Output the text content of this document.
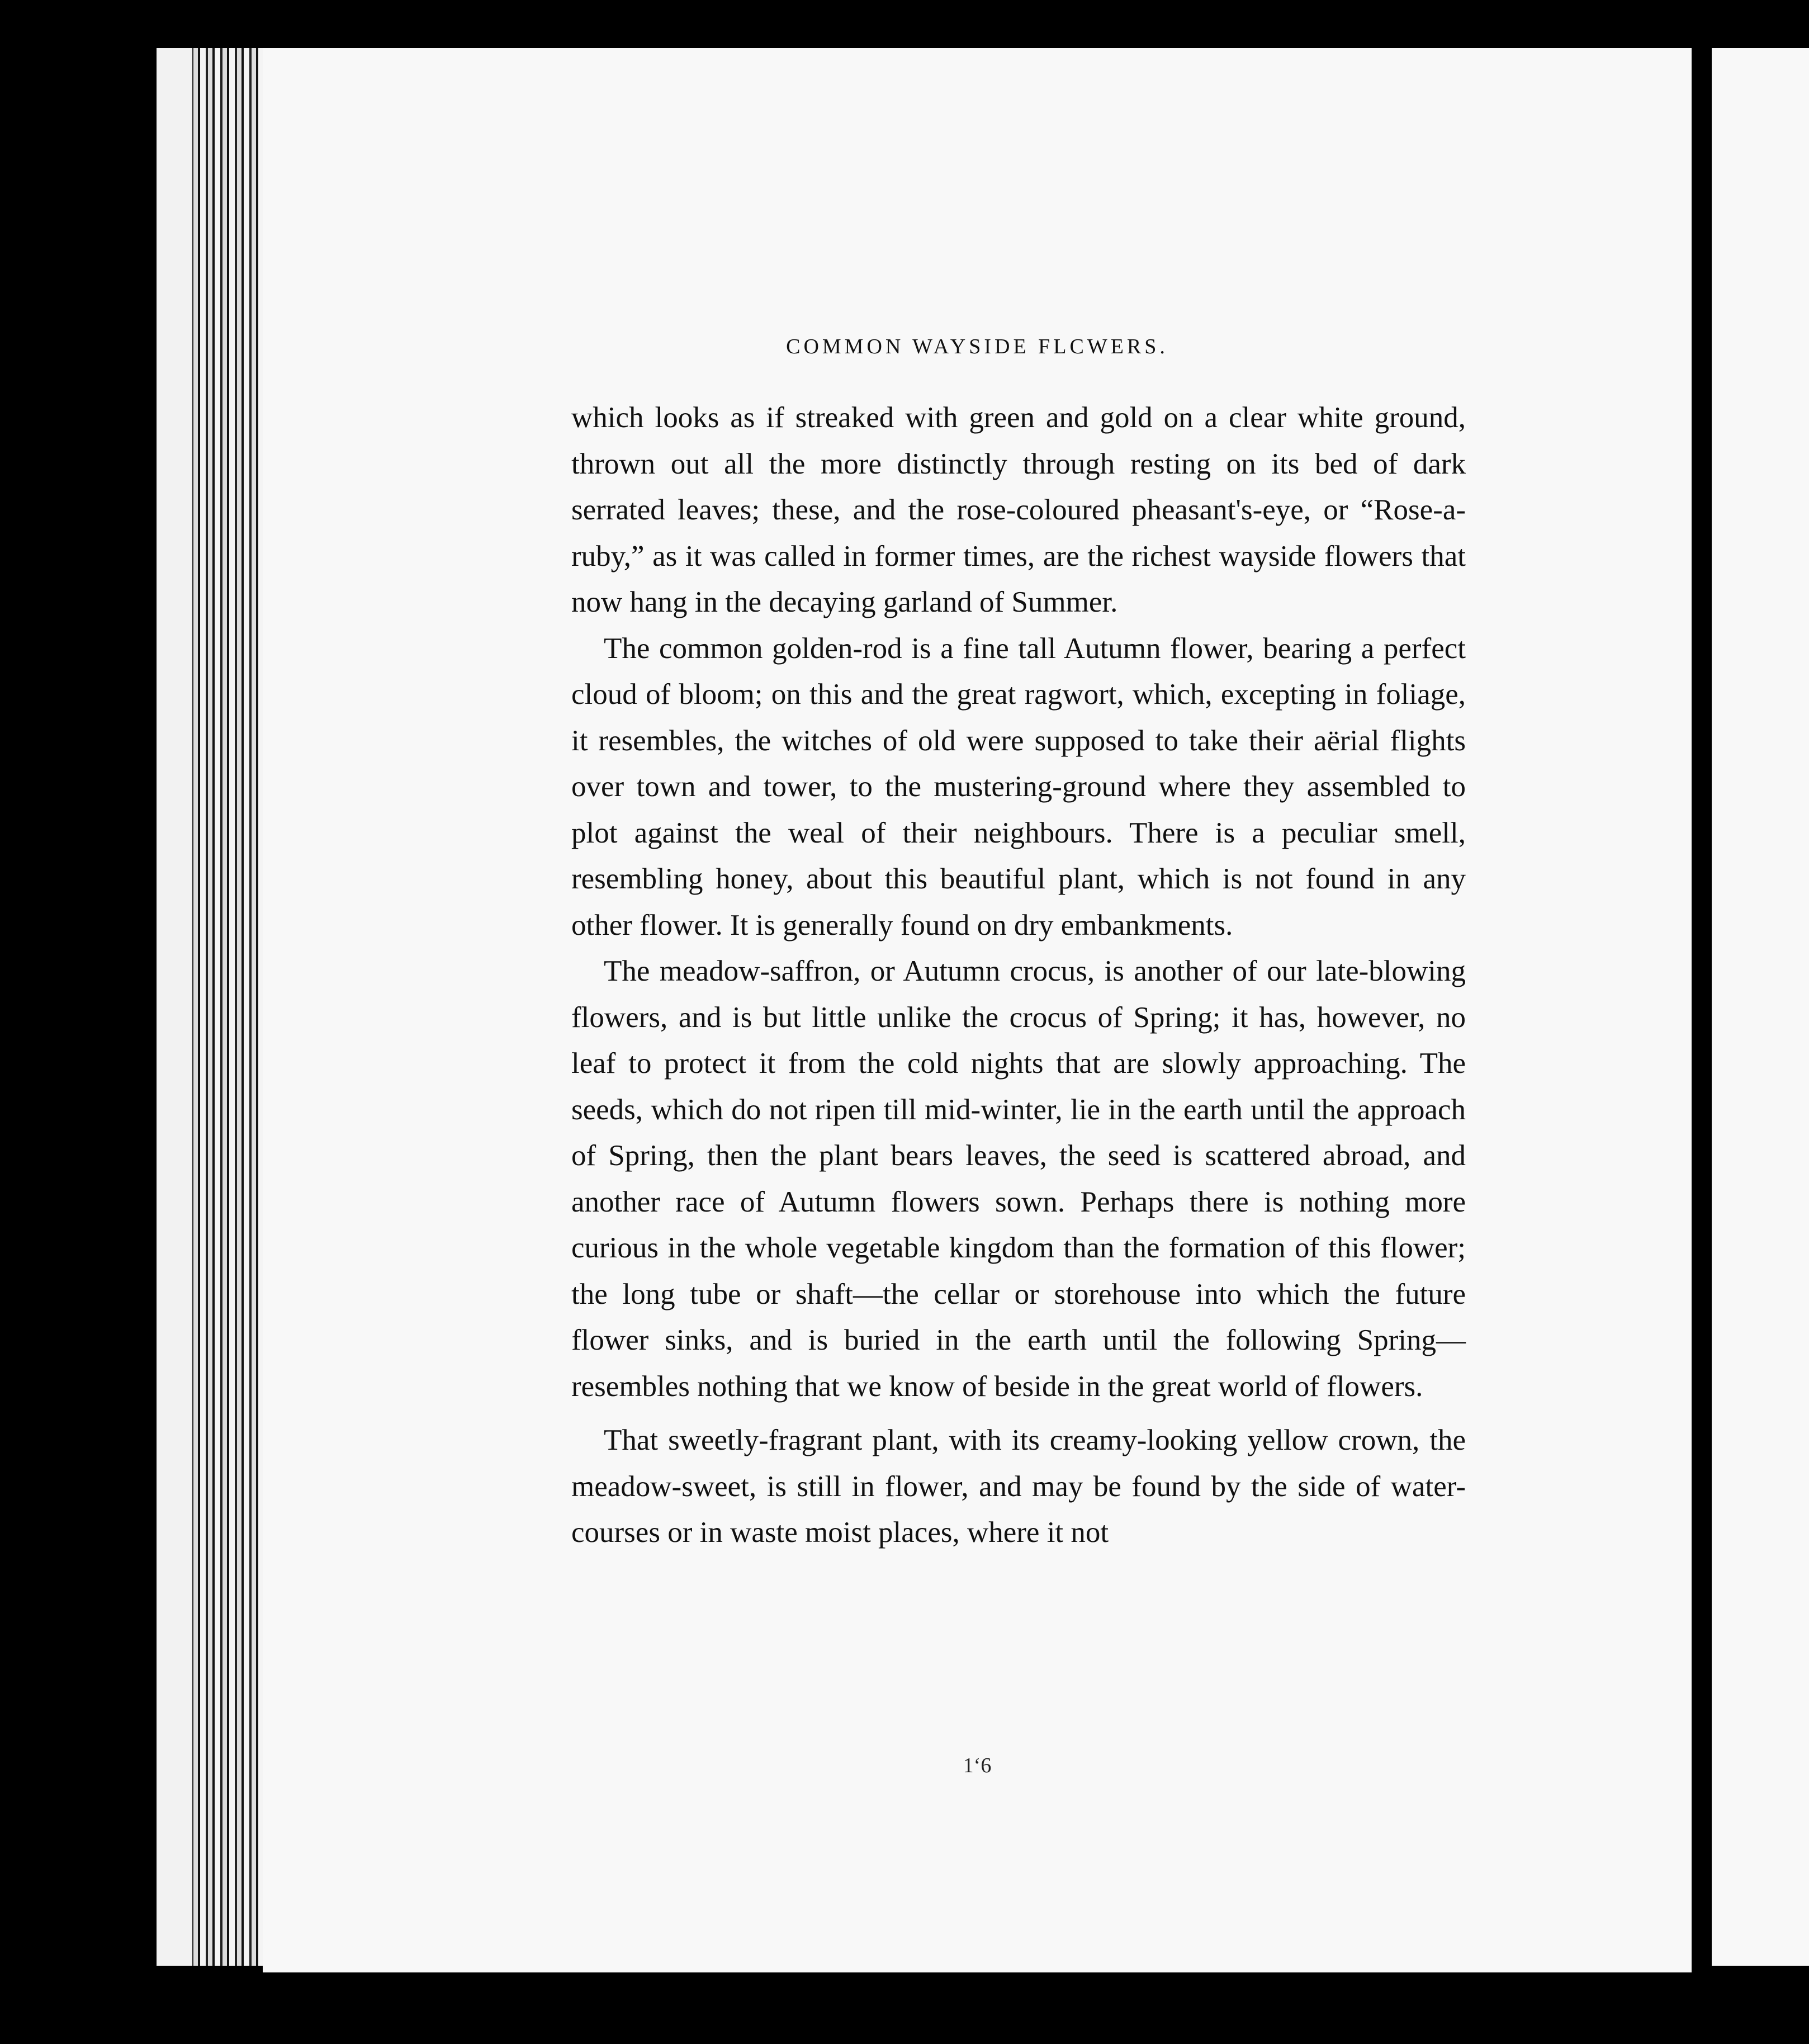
COMMON WAYSIDE FLCWERS.

which looks as if streaked with green and gold on a clear white ground, thrown out all the more distinctly through resting on its bed of dark serrated leaves; these, and the rose-coloured pheasant's-eye, or “Rose-a-ruby,” as it was called in former times, are the richest wayside flowers that now hang in the decaying garland of Summer.

The common golden-rod is a fine tall Autumn flower, bearing a perfect cloud of bloom; on this and the great ragwort, which, excepting in foliage, it resembles, the witches of old were supposed to take their aërial flights over town and tower, to the mustering-ground where they assembled to plot against the weal of their neighbours. There is a peculiar smell, resembling honey, about this beautiful plant, which is not found in any other flower. It is generally found on dry embankments.

The meadow-saffron, or Autumn crocus, is another of our late-blowing flowers, and is but little unlike the crocus of Spring; it has, however, no leaf to protect it from the cold nights that are slowly approaching. The seeds, which do not ripen till mid-winter, lie in the earth until the approach of Spring, then the plant bears leaves, the seed is scattered abroad, and another race of Autumn flowers sown. Perhaps there is nothing more curious in the whole vegetable kingdom than the formation of this flower; the long tube or shaft—the cellar or storehouse into which the future flower sinks, and is buried in the earth until the following Spring—resembles nothing that we know of beside in the great world of flowers.

That sweetly-fragrant plant, with its creamy-looking yellow crown, the meadow-sweet, is still in flower, and may be found by the side of water-courses or in waste moist places, where it not

1‘6
